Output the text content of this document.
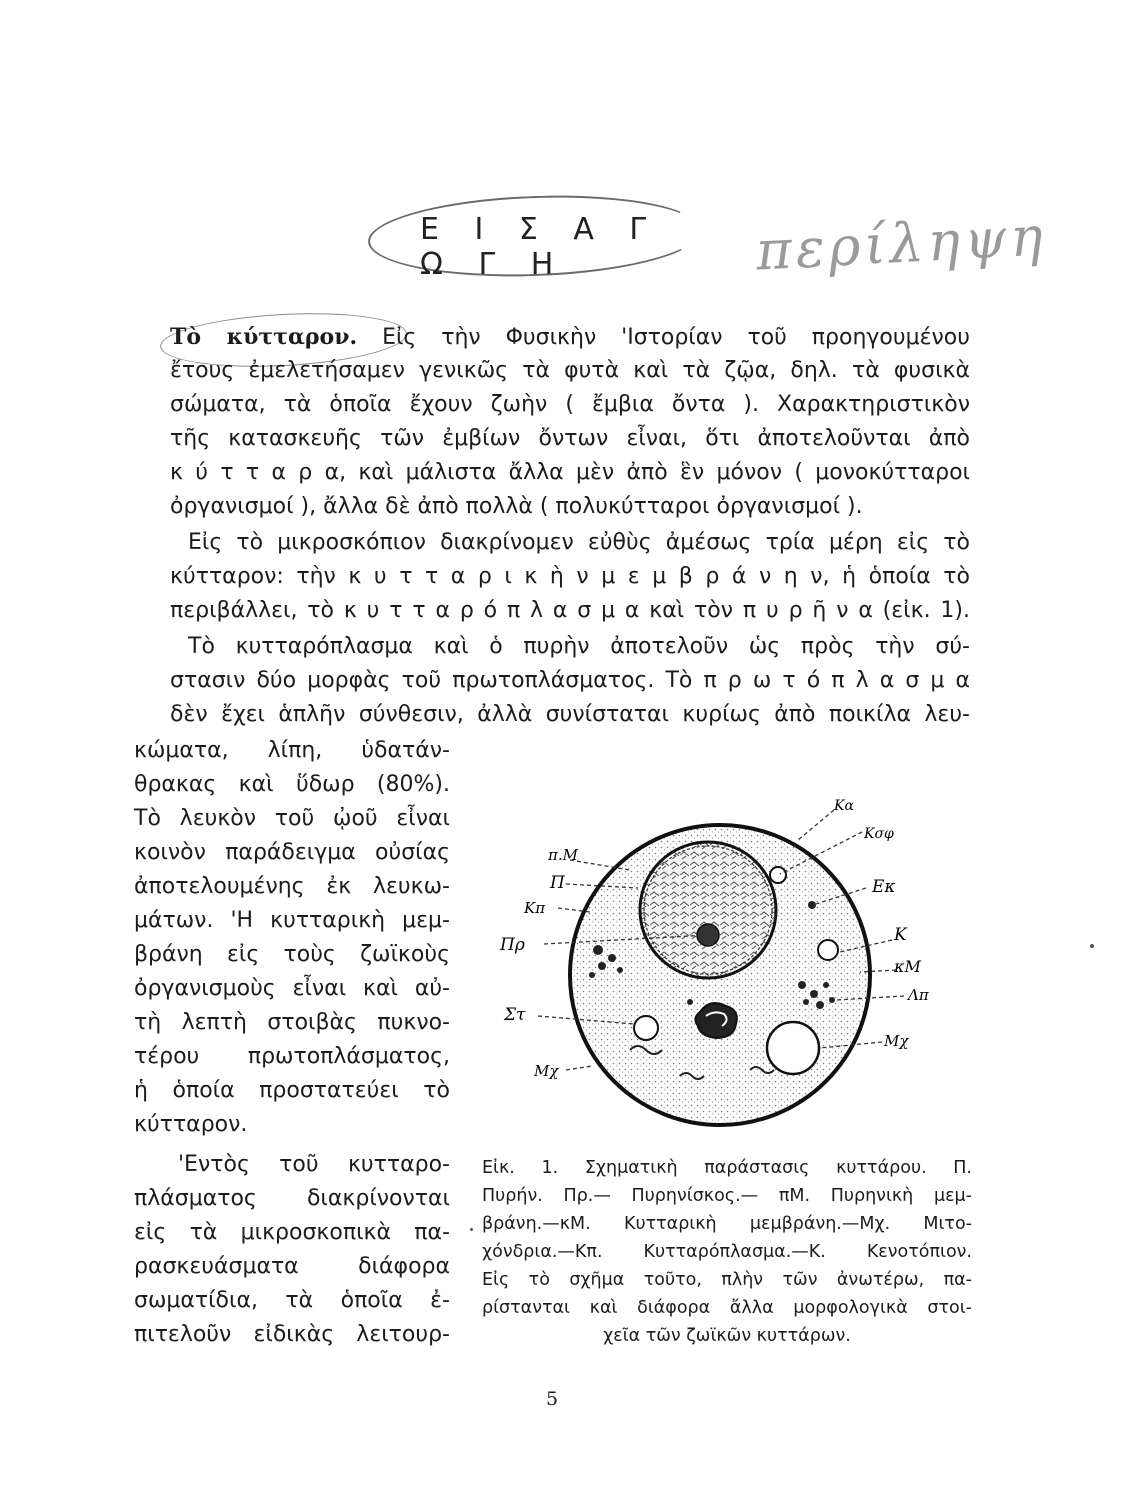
Ε Ι Σ Α Γ Ω Γ Η	περίληψη
Τὸ κύτταρον. Εἰς τὴν Φυσικὴν 'Ιστορίαν τοῦ προηγουμένου
ἔτους ἐμελετήσαμεν γενικῶς τὰ φυτὰ καὶ τὰ ζῷα, δηλ. τὰ φυσικὰ
σώματα, τὰ ὁποῖα ἔχουν ζωὴν ( ἔμβια ὄντα ). Χαρακτηριστικὸν
τῆς κατασκευῆς τῶν ἐμβίων ὄντων εἶναι, ὅτι ἀποτελοῦνται ἀπὸ
κ ύ τ τ α ρ α, καὶ μάλιστα ἄλλα μὲν ἀπὸ ἓν μόνον ( μονοκύτταροι
ὀργανισμοί ), ἄλλα δὲ ἀπὸ πολλὰ ( πολυκύτταροι ὀργανισμοί ).
Εἰς τὸ μικροσκόπιον διακρίνομεν εὐθὺς ἀμέσως τρία μέρη εἰς τὸ
κύτταρον: τὴν κ υ τ τ α ρ ι κ ὴ ν μ ε μ β ρ ά ν η ν, ἡ ὁποία τὸ
περιβάλλει, τὸ κ υ τ τ α ρ ό π λ α σ μ α καὶ τὸν π υ ρ ῆ ν α (εἰκ. 1).
Τὸ κυτταρόπλασμα καὶ ὁ πυρὴν ἀποτελοῦν ὡς πρὸς τὴν σύ-
στασιν δύο μορφὰς τοῦ πρωτοπλάσματος. Τὸ π ρ ω τ ό π λ α σ μ α
δὲν ἔχει ἁπλῆν σύνθεσιν, ἀλλὰ συνίσταται κυρίως ἀπὸ ποικίλα λευ-
κώματα, λίπη, ὑδατάν-
θρακας καὶ ὕδωρ (80%).
Τὸ λευκὸν τοῦ ᾠοῦ εἶναι
κοινὸν παράδειγμα οὐσίας
ἀποτελουμένης ἐκ λευκω-
μάτων. 'Η κυτταρικὴ μεμ-
βράνη εἰς τοὺς ζωϊκοὺς
ὀργανισμοὺς εἶναι καὶ αὐ-
τὴ λεπτὴ στοιβὰς πυκνο-
τέρου πρωτοπλάσματος,
ἡ ὁποία προστατεύει τὸ
κύτταρον.
'Εντὸς τοῦ κυτταρο-
πλάσματος διακρίνονται
εἰς τὰ μικροσκοπικὰ πα-
ρασκευάσματα διάφορα
σωματίδια, τὰ ὁποῖα ἐ-
πιτελοῦν εἰδικὰς λειτουρ-
π.Μ
Π
Κπ
Πρ
Στ
Μχ
Κα
Κσφ
Εκ
Κ
κΜ
Λπ
Μχ
Εἰκ. 1. Σχηματικὴ παράστασις κυττάρου. Π.
Πυρήν. Πρ.— Πυρηνίσκος.— πΜ. Πυρηνικὴ μεμ-
βράνη.—κΜ. Κυτταρικὴ μεμβράνη.—Μχ. Μιτο-
χόνδρια.—Κπ. Κυτταρόπλασμα.—Κ. Κενοτόπιον.
Εἰς τὸ σχῆμα τοῦτο, πλὴν τῶν ἀνωτέρω, πα-
ρίστανται καὶ διάφορα ἄλλα μορφολογικὰ στοι-
χεῖα τῶν ζωϊκῶν κυττάρων.
5
